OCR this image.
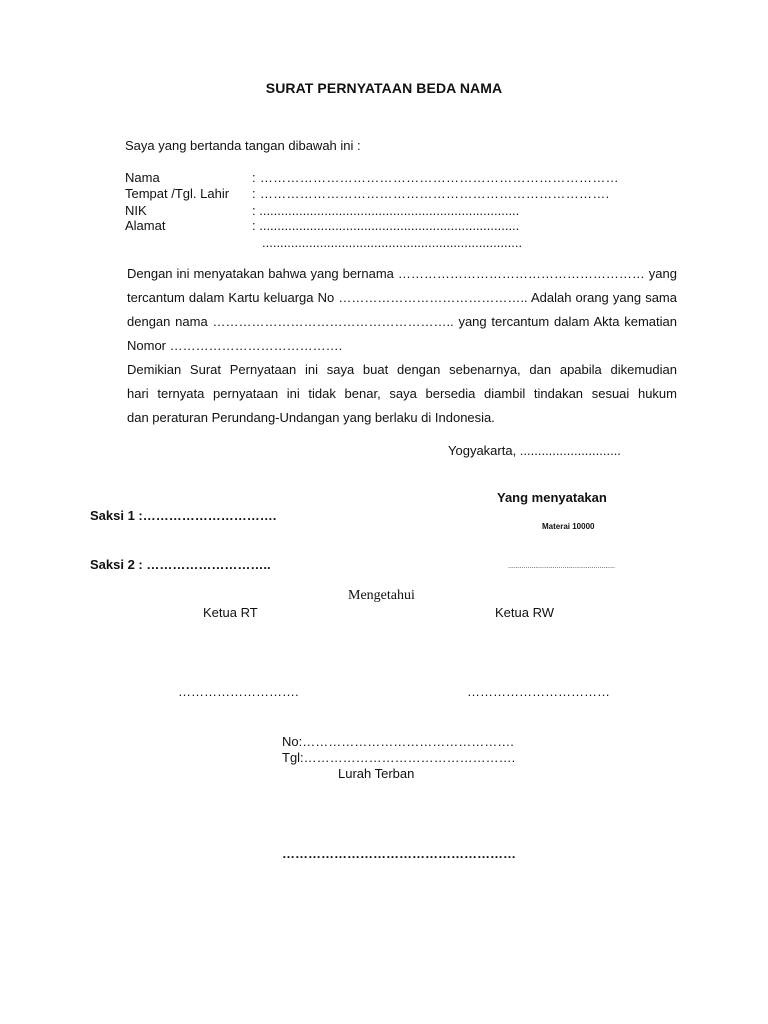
SURAT PERNYATAAN BEDA NAMA
Saya yang bertanda tangan dibawah ini :
Nama	: ………………………………………………………………………
Tempat /Tgl. Lahir : …………………………………………………………………….
NIK	: ........................................................................
Alamat	: ........................................................................
........................................................................
Dengan ini menyatakan bahwa yang bernama ………………………………………………… yang
tercantum dalam Kartu keluarga No …………………………………….. Adalah orang yang sama
dengan nama ……………………………………………….. yang tercantum dalam Akta kematian
Nomor ………………………………….
Demikian Surat Pernyataan ini saya buat dengan sebenarnya, dan apabila dikemudian
hari ternyata pernyataan ini tidak benar, saya bersedia diambil tindakan sesuai hukum
dan peraturan Perundang-Undangan yang berlaku di Indonesia.
Yogyakarta, ............................
Yang menyatakan
Materai 10000
.......................................................
Saksi 1 :………………………….
Saksi 2 : ………………………..
Mengetahui
Ketua RT	Ketua RW
……………………….	……………………………
No:………………………………………….
Tgl:………………………………………….
Lurah Terban
………………………………………………
